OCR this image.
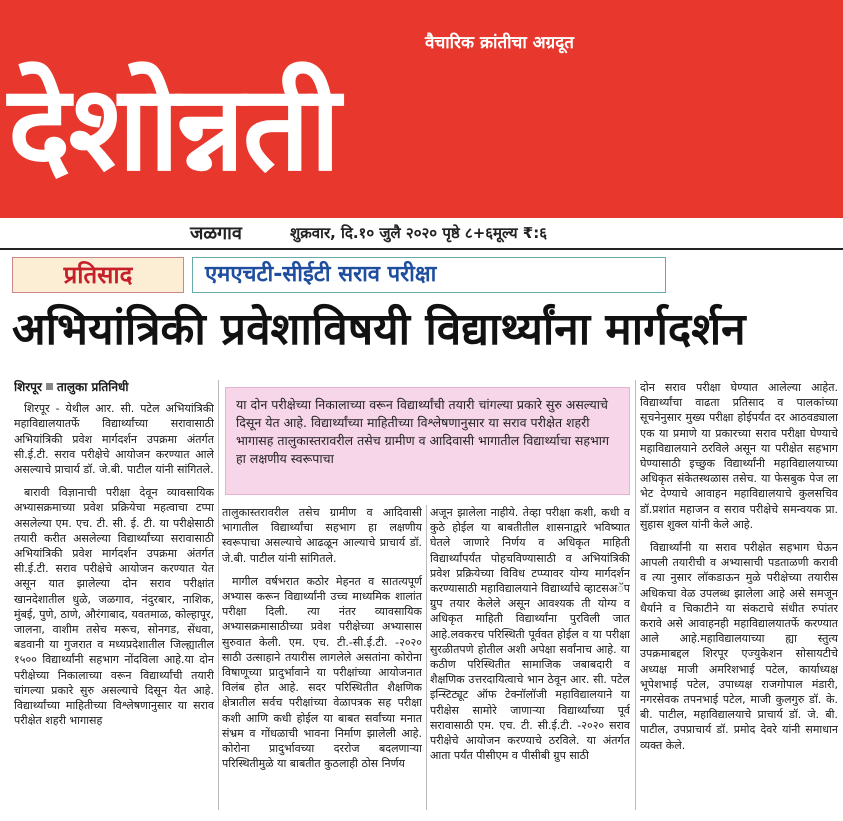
वैचारिक क्रांतीचा अग्रदूत
देशोन्नती
जळगाव	शुक्रवार, दि.१० जुलै २०२० पृष्ठे ८+६मूल्य ₹:६
प्रतिसाद	एमएचटी-सीईटी सराव परीक्षा
अभियांत्रिकी प्रवेशाविषयी विद्यार्थ्यांना मार्गदर्शन
शिरपूर तालुका प्रतिनिधी

शिरपूर - येथील आर. सी. पटेल अभियांत्रिकी महाविद्यालयातर्फे विद्यार्थ्यांच्या सरावासाठी अभियांत्रिकी प्रवेश मार्गदर्शन उपक्रमा अंतर्गत सी.ई.टी. सराव परीक्षेचे आयोजन करण्यात आले असल्याचे प्राचार्य डॉ. जे.बी. पाटील यांनी सांगितले.

बारावी विज्ञानाची परीक्षा देवून व्यावसायिक अभ्यासक्रमाच्या प्रवेश प्रक्रियेचा महत्वाचा टप्पा असलेल्या एम. एच. टी. सी. ई. टी. या परीक्षेसाठी तयारी करीत असलेल्या विद्यार्थ्यांच्या सरावासाठी अभियांत्रिकी प्रवेश मार्गदर्शन उपक्रमा अंतर्गत सी.ई.टी. सराव परीक्षेचे आयोजन करण्यात येत असून यात झालेल्या दोन सराव परीक्षांत खानदेशातील धुळे, जळगाव, नंदुरबार, नाशिक, मुंबई, पुणे, ठाणे, औरंगाबाद, यवतमाळ, कोल्हापूर, जालना, वाशीम तसेच मरूच, सोनगड, सेंधवा, बडवानी या गुजरात व मध्यप्रदेशातील जिल्ह्यातील १५०० विद्यार्थ्यांनी सहभाग नोंदविला आहे.या दोन परीक्षेच्या निकालाच्या वरून विद्यार्थ्यांची तयारी चांगल्या प्रकारे सुरु असल्याचे दिसून येत आहे. विद्यार्थ्यांच्या माहितीच्या विश्लेषणानुसार या सराव परीक्षेत शहरी भागासह

या दोन परीक्षेच्या निकालाच्या वरून विद्यार्थ्यांची तयारी चांगल्या प्रकारे सुरु असल्याचे दिसून येत आहे. विद्यार्थ्यांच्या माहितीच्या विश्लेषणानुसार या सराव परीक्षेत शहरी भागासह तालुकास्तरावरील तसेच ग्रामीण व आदिवासी भागातील विद्यार्थ्याचा सहभाग हा लक्षणीय स्वरूपाचा

तालुकास्तरावरील तसेच ग्रामीण व आदिवासी भागातील विद्यार्थ्यांचा सहभाग हा लक्षणीय स्वरूपाचा असल्याचे आढळून आल्याचे प्राचार्य डॉ. जे.बी. पाटील यांनी सांगितले.

मागील वर्षभरात कठोर मेहनत व सातत्यपूर्ण अभ्यास करून विद्यार्थ्यांनी उच्च माध्यमिक शालांत परीक्षा दिली. त्या नंतर व्यावसायिक अभ्यासक्रमासाठीच्या प्रवेश परीक्षेच्या अभ्यासास सुरुवात केली. एम. एच. टी.-सी.ई.टी. -२०२० साठी उत्साहाने तयारीस लागलेले असतांना कोरोना विषाणूच्या प्रादुर्भावाने या परीक्षांच्या आयोजनात विलंब होत आहे. सदर परिस्थितीत शैक्षणिक क्षेत्रातील सर्वच परीक्षांच्या वेळापत्रक सह परीक्षा कशी आणि कधी होईल या बाबत सर्वांच्या मनात संभ्रम व गोंधळाची भावना निर्माण झालेली आहे. कोरोना प्रादुर्भावच्या दररोज बदलणाऱ्या परिस्थितीमुळे या बाबतीत कुठलाही ठोस निर्णय

अजून झालेला नाहीये. तेव्हा परीक्षा कशी, कधी व कुठे होईल या बाबतीतील शासनाद्वारे भविष्यात घेतले जाणारे निर्णय व अधिकृत माहिती विद्यार्थ्यांपर्यंत पोहचविण्यासाठी व अभियांत्रिकी प्रवेश प्रक्रियेच्या विविध टप्प्यावर योग्य मार्गदर्शन करण्यासाठी महाविद्यालयाने विद्यार्थ्यांचे व्हाटसअॅप ग्रुप तयार केलेले असून आवश्यक ती योग्य व अधिकृत माहिती विद्यार्थ्यांना पुरविली जात आहे.लवकरच परिस्थिती पूर्ववत होईल व या परीक्षा सुरळीतपणे होतील अशी अपेक्षा सर्वांनाच आहे. या कठीण परिस्थितीत सामाजिक जबाबदारी व शैक्षणिक उत्तरदायित्वाचे भान ठेवून आर. सी. पटेल इन्स्टिट्यूट ऑफ टेक्नॉलॉजी महाविद्यालयाने या परीक्षेस सामोरे जाणाऱ्या विद्यार्थ्यांच्या पूर्व सरावासाठी एम. एच. टी. सी.ई.टी. -२०२० सराव परीक्षेचे आयोजन करण्याचे ठरविले. या अंतर्गत आता पर्यंत पीसीएम व पीसीबी ग्रुप साठी

दोन सराव परीक्षा घेण्यात आलेल्या आहेत. विद्यार्थ्यांचा वाढता प्रतिसाद व पालकांच्या सूचनेनुसार मुख्य परीक्षा होईपर्यंत दर आठवड्याला एक या प्रमाणे या प्रकारच्या सराव परीक्षा घेण्याचे महाविद्यालयाने ठरविले असून या परीक्षेत सहभाग घेण्यासाठी इच्छुक विद्यार्थ्यांनी महाविद्यालयाच्या अधिकृत संकेतस्थळास तसेच. या फेसबुक पेज ला भेट देण्याचे आवाहन महाविद्यालयाचे कुलसचिव डॉ.प्रशांत महाजन व सराव परीक्षेचे समन्वयक प्रा. सुहास शुक्ल यांनी केले आहे.

विद्यार्थ्यांनी या सराव परीक्षेत सहभाग घेऊन आपली तयारीची व अभ्यासाची पडताळणी करावी व त्या नुसार लॉकडाऊन मुळे परीक्षेच्या तयारीस अधिकचा वेळ उपलब्ध झालेला आहे असे समजून धैर्याने व चिकाटीने या संकटाचे संधीत रुपांतर करावे असे आवाहनही महाविद्यालयातर्फे करण्यात आले आहे.महाविद्यालयाच्या ह्या स्तुत्य उपक्रमाबद्दल शिरपूर एज्युकेशन सोसायटीचे अध्यक्ष माजी अमरिशभाई पटेल, कार्याध्यक्ष भूपेशभाई पटेल, उपाध्यक्ष राजगोपाल मंडारी, नगरसेवक तपनभाई पटेल, माजी कुलगुरु डॉ. के. बी. पाटील, महाविद्यालयाचे प्राचार्य डॉ. जे. बी. पाटील, उपप्राचार्य डॉ. प्रमोद देवरे यांनी समाधान व्यक्त केले.
